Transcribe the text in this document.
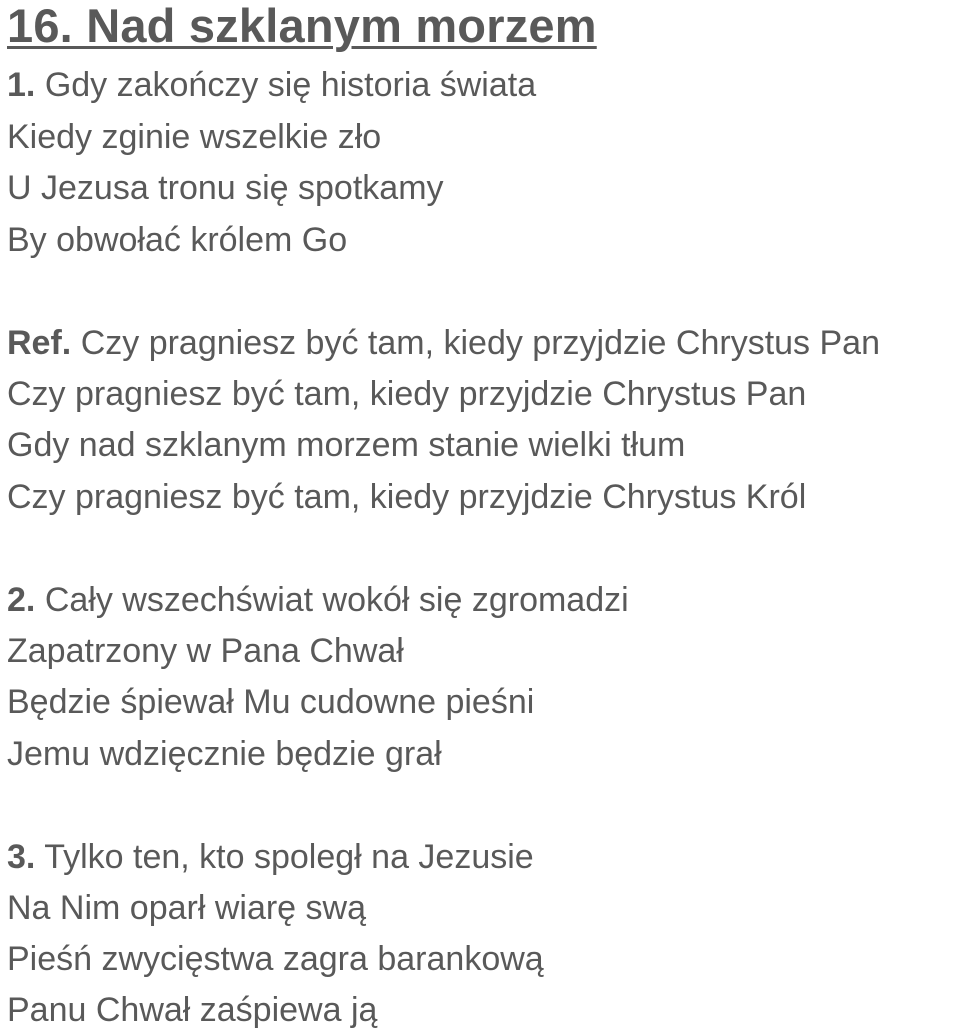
16. Nad szklanym morzem
1. Gdy zakończy się historia świata
Kiedy zginie wszelkie zło
U Jezusa tronu się spotkamy
By obwołać królem Go
Ref. Czy pragniesz być tam, kiedy przyjdzie Chrystus Pan
Czy pragniesz być tam, kiedy przyjdzie Chrystus Pan
Gdy nad szklanym morzem stanie wielki tłum
Czy pragniesz być tam, kiedy przyjdzie Chrystus Król
2. Cały wszechświat wokół się zgromadzi
Zapatrzony w Pana Chwał
Będzie śpiewał Mu cudowne pieśni
Jemu wdzięcznie będzie grał
3. Tylko ten, kto spoległ na Jezusie
Na Nim oparł wiarę swą
Pieśń zwycięstwa zagra barankową
Panu Chwał zaśpiewa ją
